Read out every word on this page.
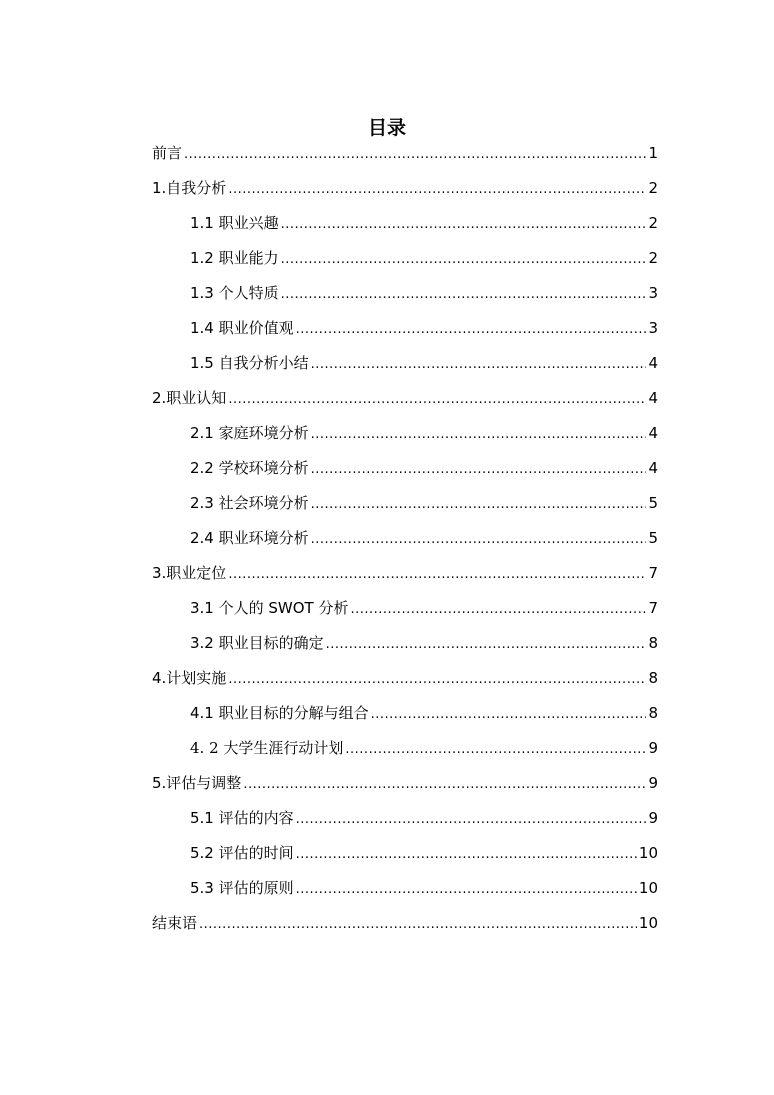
目录
前言 .....	1
1.自我分析 .....	2
1.1 职业兴趣 .....	2
1.2 职业能力 .....	2
1.3 个人特质 .....	3
1.4 职业价值观 .....	3
1.5 自我分析小结 .....	4
2.职业认知 .....	4
2.1 家庭环境分析 .....	4
2.2 学校环境分析 .....	4
2.3 社会环境分析 .....	5
2.4 职业环境分析 .....	5
3.职业定位 .....	7
3.1 个人的 SWOT 分析 .....	7
3.2 职业目标的确定 .....	8
4.计划实施 .....	8
4.1 职业目标的分解与组合 .....	8
4. 2 大学生涯行动计划 .....	9
5.评估与调整 .....	9
5.1 评估的内容 .....	9
5.2 评估的时间 .....	10
5.3 评估的原则 .....	10
结束语 .....	10
